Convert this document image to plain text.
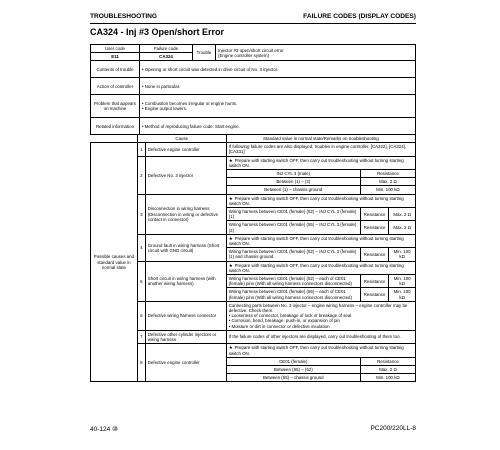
TROUBLESHOOTING	FAILURE CODES (DISPLAY CODES)
CA324 - Inj #3 Open/short Error
User code	Failure code	Trouble	Injector #3 open/short circuit error
(Engine controller system)
E11	CA324		
Contents of trouble	• Opening or short circuit was detected in drive circuit of No. 3 injector.		
Action of controller	• None in particular.		
Problem that appears on machine	• Combustion becomes irregular or engine hunts.
• Engine output lowers.		
Related information	• Method of reproducing failure code: Start engine.		
	Cause		Standard value in normal state/Remarks on troubleshooting		
Possible causes and standard value in normal state	1	Defective engine controller	If following failure codes are also displayed, troubles in engine controller. [CA322], [CA324], [CA331]		
	2	Defective No. 3 injector	★ Prepare with starting switch OFF, then carry out troubleshooting without turning starting switch ON.		
			INJ CYL 3 (male)	Resistance	
			Between (1) – (2)	Max. 2 Ω	
			Between (1) – chassis ground	Min. 100 kΩ	
	3	Disconnection in wiring harness (Disconnection in wiring or defective contact in connector)	★ Prepare with starting switch OFF, then carry out troubleshooting without turning starting switch ON.		
			Wiring harness between CE01 (female) (52) – INJ CYL 3 (female) (1)	Resistance	Max. 2 Ω
			Wiring harness between CE01 (female) (55) – INJ CYL 3 (female) (2)	Resistance	Max. 2 Ω
	4	Ground fault in wiring harness (Short circuit with GND circuit)	★ Prepare with starting switch OFF, then carry out troubleshooting without turning starting switch ON.		
			Wiring harness between CE01 (female) (52) – INJ CYL 3 (female) (1) and chassis ground	Resistance	Min. 100 kΩ
	5	Short circuit in wiring harness (with another wiring harness)	★ Prepare with starting switch OFF, then carry out troubleshooting without turning starting switch ON.		
			Wiring harness between CE01 (female) (52) – each of CE01 (female) pins (With all wiring harness connectors disconnected)	Resistance	Min. 100 kΩ
			Wiring harness between CE01 (female) (55) – each of CE01 (female) pins (With all wiring harness connectors disconnected)	Resistance	Min. 100 kΩ
	6	Defective wiring harness connector	Connecting parts between No. 3 injector – engine wiring harness – engine controller may be defective. Check them.
• Looseness of connector, breakage of lock or breakage of seal
• Corrosion, bend, breakage, push-in, or expansion of pin
• Moisture or dirt in connector or defective insulation		
	7	Defective other cylinder injectors or wiring harness	If the failure codes of other injectors are displayed, carry out troubleshooting of them too.		
	8	Defective engine controller	★ Prepare with starting switch OFF, then carry out troubleshooting without turning starting switch ON.		
			CE01 (female)	Resistance	
			Between (55) – (52)	Max. 2 Ω	
			Between (55) – chassis ground	Min. 100 kΩ	
40-124 ⑩	PC200/220LL-8
